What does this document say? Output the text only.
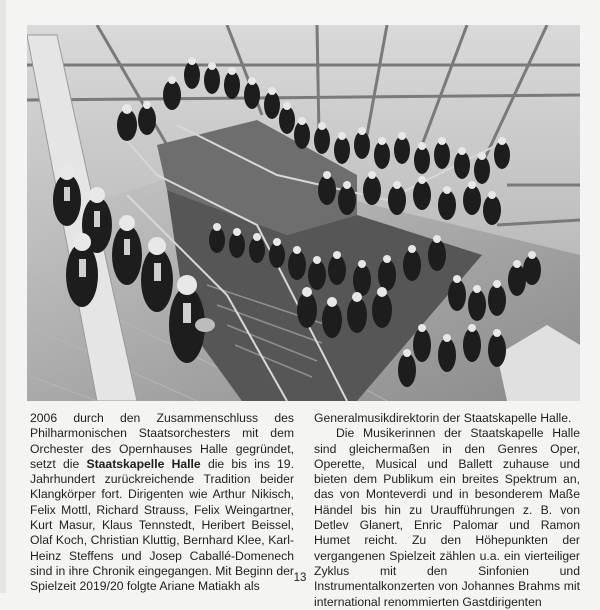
2006 durch den Zusammenschluss des Philharmonischen Staatsorchesters mit dem Orchester des Opernhauses Halle gegründet, setzt die Staatskapelle Halle die bis ins 19. Jahrhundert zurückreichende Tradition beider Klangkörper fort. Dirigenten wie Arthur Nikisch, Felix Mottl, Richard Strauss, Felix Weingartner, Kurt Masur, Klaus Tennstedt, Heribert Beissel, Olaf Koch, Christian Kluttig, Bernhard Klee, Karl-Heinz Steffens und Josep Caballé-Domenech sind in ihre Chronik eingegangen. Mit Beginn der Spielzeit 2019/20 folgte Ariane Matiakh als

Generalmusikdirektorin der Staatskapelle Halle.

Die Musikerinnen der Staatskapelle Halle sind gleichermaßen in den Genres Oper, Operette, Musical und Ballett zuhause und bieten dem Publikum ein breites Spektrum an, das von Monteverdi und in besonderem Maße Händel bis hin zu Uraufführungen z. B. von Detlev Glanert, Enric Palomar und Ramon Humet reicht. Zu den Höhepunkten der vergangenen Spielzeit zählen u.a. ein vierteiliger Zyklus mit den Sinfonien und Instrumentalkonzerten von Johannes Brahms mit international renommierten Gastdirigenten

13
